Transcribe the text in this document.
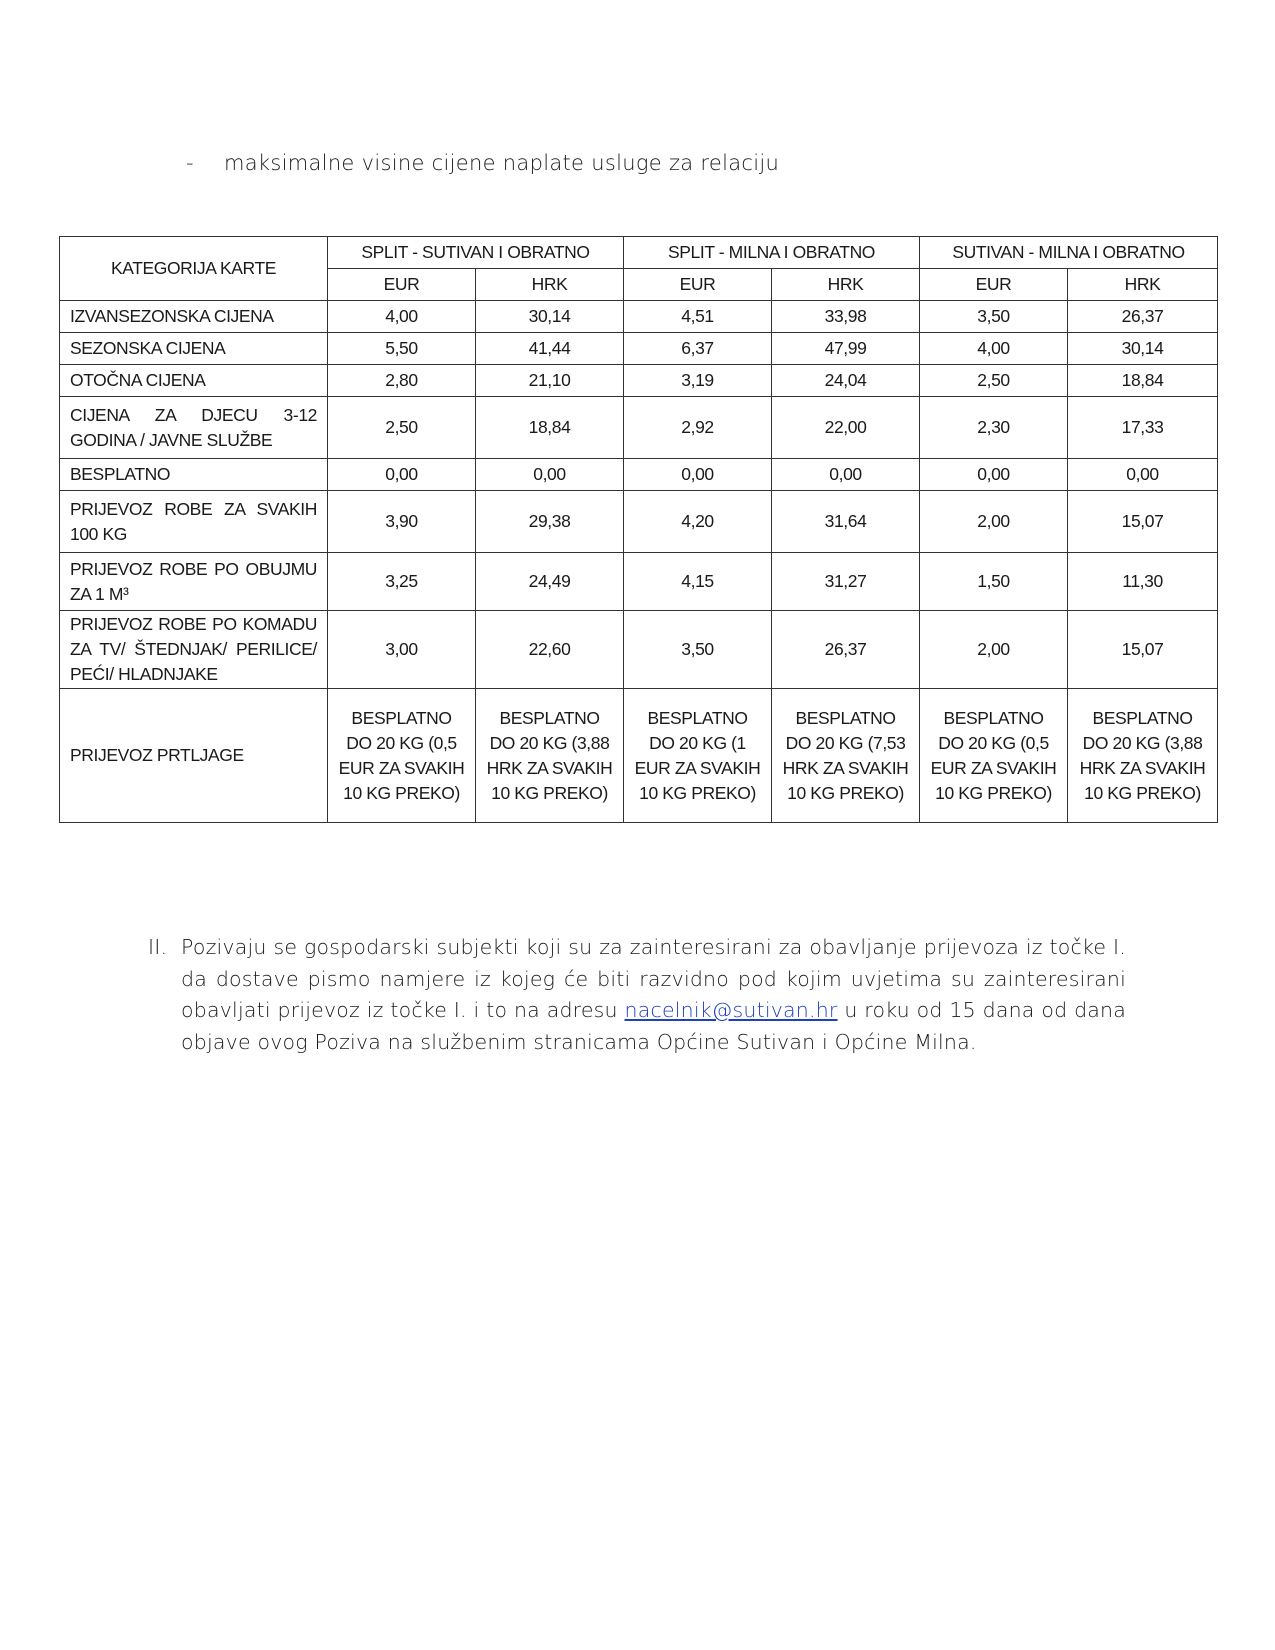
- maksimalne visine cijene naplate usluge za relaciju
KATEGORIJA KARTE	SPLIT - SUTIVAN I OBRATNO		SPLIT - MILNA I OBRATNO		SUTIVAN - MILNA I OBRATNO	
	EUR	HRK	EUR	HRK	EUR	HRK
IZVANSEZONSKA CIJENA	4,00	30,14	4,51	33,98	3,50	26,37
SEZONSKA CIJENA	5,50	41,44	6,37	47,99	4,00	30,14
OTOČNA CIJENA	2,80	21,10	3,19	24,04	2,50	18,84
CIJENA ZA DJECU 3-12 GODINA / JAVNE SLUŽBE	2,50	18,84	2,92	22,00	2,30	17,33
BESPLATNO	0,00	0,00	0,00	0,00	0,00	0,00
PRIJEVOZ ROBE ZA SVAKIH 100 KG	3,90	29,38	4,20	31,64	2,00	15,07
PRIJEVOZ ROBE PO OBUJMU ZA 1 M³	3,25	24,49	4,15	31,27	1,50	11,30
PRIJEVOZ ROBE PO KOMADU ZA TV/ ŠTEDNJAK/ PERILICE/ PEĆI/ HLADNJAKE	3,00	22,60	3,50	26,37	2,00	15,07
PRIJEVOZ PRTLJAGE	BESPLATNO DO 20 KG (0,5 EUR ZA SVAKIH 10 KG PREKO)	BESPLATNO DO 20 KG (3,88 HRK ZA SVAKIH 10 KG PREKO)	BESPLATNO DO 20 KG (1 EUR ZA SVAKIH 10 KG PREKO)	BESPLATNO DO 20 KG (7,53 HRK ZA SVAKIH 10 KG PREKO)	BESPLATNO DO 20 KG (0,5 EUR ZA SVAKIH 10 KG PREKO)	BESPLATNO DO 20 KG (3,88 HRK ZA SVAKIH 10 KG PREKO)
II. Pozivaju se gospodarski subjekti koji su za zainteresirani za obavljanje prijevoza iz točke I. da dostave pismo namjere iz kojeg će biti razvidno pod kojim uvjetima su zainteresirani obavljati prijevoz iz točke I. i to na adresu nacelnik@sutivan.hr u roku od 15 dana od dana objave ovog Poziva na službenim stranicama Općine Sutivan i Općine Milna.
